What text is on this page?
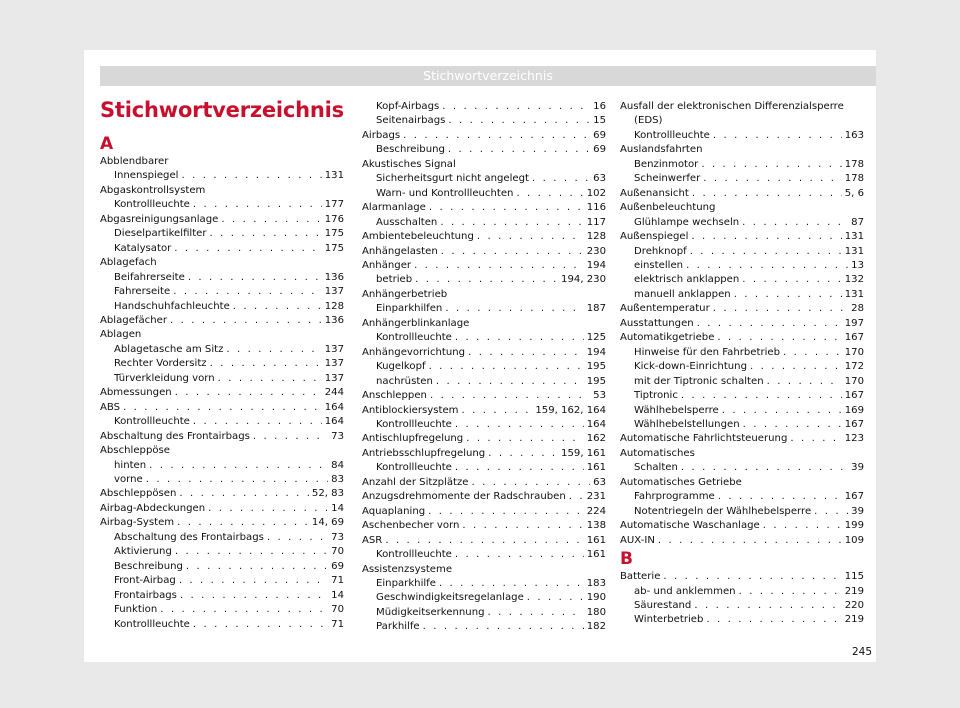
Stichwortverzeichnis
Stichwortverzeichnis
A
Abblendbarer
Innenspiegel . . .	131
Abgaskontrollsystem
Kontrollleuchte . . .	177
Abgasreinigungsanlage . . .	176
Dieselpartikelfilter . . .	175
Katalysator . . .	175
Ablagefach
Beifahrerseite . . .	136
Fahrerseite . . .	137
Handschuhfachleuchte . . .	128
Ablagefächer . . .	136
Ablagen
Ablagetasche am Sitz . . .	137
Rechter Vordersitz . . .	137
Türverkleidung vorn . . .	137
Abmessungen . . .	244
ABS . . .	164
Kontrollleuchte . . .	164
Abschaltung des Frontairbags . . .	73
Abschleppöse
hinten . . .	84
vorne . . .	83
Abschleppösen . . .	52, 83
Airbag-Abdeckungen . . .	14
Airbag-System . . .	14, 69
Abschaltung des Frontairbags . . .	73
Aktivierung . . .	70
Beschreibung . . .	69
Front-Airbag . . .	71
Frontairbags . . .	14
Funktion . . .	70
Kontrollleuchte . . .	71
Kopf-Airbags . . .	16
Seitenairbags . . .	15
Airbags . . .	69
Beschreibung . . .	69
Akustisches Signal
Sicherheitsgurt nicht angelegt . . .	63
Warn- und Kontrollleuchten . . .	102
Alarmanlage . . .	116
Ausschalten . . .	117
Ambientebeleuchtung . . .	128
Anhängelasten . . .	230
Anhänger . . .	194
betrieb . . .	194, 230
Anhängerbetrieb
Einparkhilfen . . .	187
Anhängerblinkanlage
Kontrollleuchte . . .	125
Anhängevorrichtung . . .	194
Kugelkopf . . .	195
nachrüsten . . .	195
Anschleppen . . .	53
Antiblockiersystem . . .	159, 162, 164
Kontrollleuchte . . .	164
Antischlupfregelung . . .	162
Antriebsschlupfregelung . . .	159, 161
Kontrollleuchte . . .	161
Anzahl der Sitzplätze . . .	63
Anzugsdrehmomente der Radschrauben . . . 231
Aquaplaning . . .	224
Aschenbecher vorn . . .	138
ASR . . .	161
Kontrollleuchte . . .	161
Assistenzsysteme
Einparkhilfe . . .	183
Geschwindigkeitsregelanlage . . .	190
Müdigkeitserkennung . . .	180
Parkhilfe . . .	182
Ausfall der elektronischen Differenzialsperre
(EDS)
Kontrollleuchte . . .	163
Auslandsfahrten
Benzinmotor . . .	178
Scheinwerfer . . .	178
Außenansicht . . .	5, 6
Außenbeleuchtung
Glühlampe wechseln . . .	87
Außenspiegel . . .	131
Drehknopf . . .	131
einstellen . . .	13
elektrisch anklappen . . .	132
manuell anklappen . . .	131
Außentemperatur . . .	28
Ausstattungen . . .	197
Automatikgetriebe . . .	167
Hinweise für den Fahrbetrieb . . .	170
Kick-down-Einrichtung . . .	172
mit der Tiptronic schalten . . .	170
Tiptronic . . .	167
Wählhebelsperre . . .	169
Wählhebelstellungen . . .	167
Automatische Fahrlichtsteuerung . . .	123
Automatisches
Schalten . . .	39
Automatisches Getriebe
Fahrprogramme . . .	167
Notentriegeln der Wählhebelsperre . . .	39
Automatische Waschanlage . . .	199
AUX-IN . . .	109
B
Batterie . . .	115
ab- und anklemmen . . .	219
Säurestand . . .	220
Winterbetrieb . . .	219
245
